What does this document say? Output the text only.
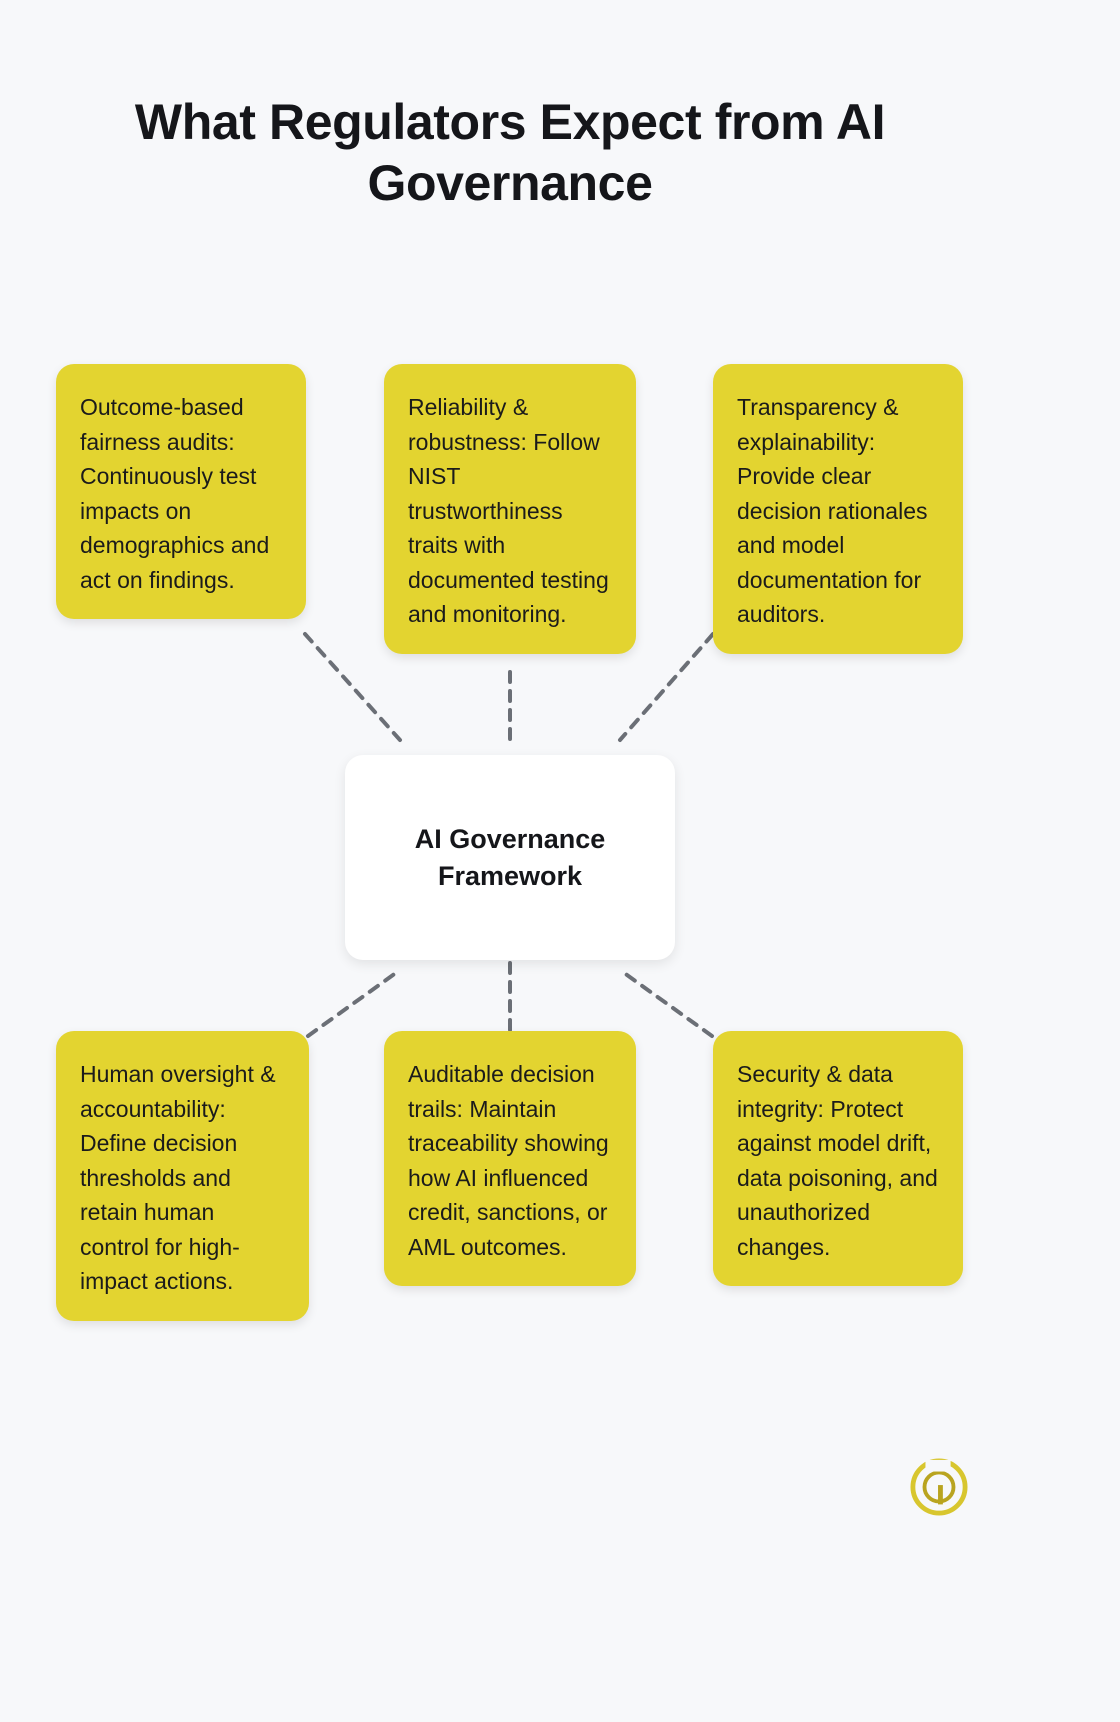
What Regulators Expect from AI Governance
Outcome-based fairness audits: Continuously test impacts on demographics and act on findings.
Reliability & robustness: Follow NIST trustworthiness traits with documented testing and monitoring.
Transparency & explainability: Provide clear decision rationales and model documentation for auditors.
Human oversight & accountability: Define decision thresholds and retain human control for high-impact actions.
Auditable decision trails: Maintain traceability showing how AI influenced credit, sanctions, or AML outcomes.
Security & data integrity: Protect against model drift, data poisoning, and unauthorized changes.
AI Governance Framework
